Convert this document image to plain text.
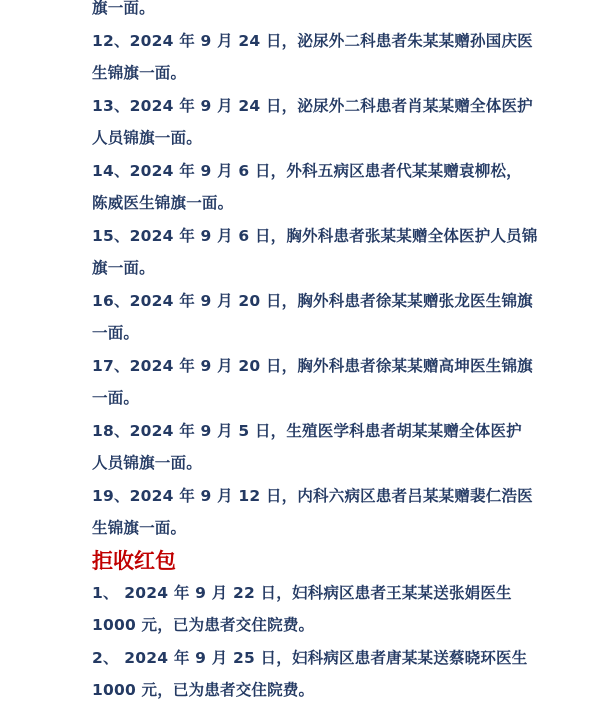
旗一面。
12、2024 年 9 月 24 日，泌尿外二科患者朱某某赠孙国庆医
生锦旗一面。
13、2024 年 9 月 24 日，泌尿外二科患者肖某某赠全体医护
人员锦旗一面。
14、2024 年 9 月 6 日，外科五病区患者代某某赠袁柳松，
陈威医生锦旗一面。
15、2024 年 9 月 6 日，胸外科患者张某某赠全体医护人员锦
旗一面。
16、2024 年 9 月 20 日，胸外科患者徐某某赠张龙医生锦旗
一面。
17、2024 年 9 月 20 日，胸外科患者徐某某赠高坤医生锦旗
一面。
18、2024 年 9 月 5 日，生殖医学科患者胡某某赠全体医护
人员锦旗一面。
19、2024 年 9 月 12 日，内科六病区患者吕某某赠裴仁浩医
生锦旗一面。
拒收红包
1、 2024 年 9 月 22 日，妇科病区患者王某某送张娟医生
1000 元，已为患者交住院费。
2、 2024 年 9 月 25 日，妇科病区患者唐某某送蔡晓环医生
1000 元，已为患者交住院费。
